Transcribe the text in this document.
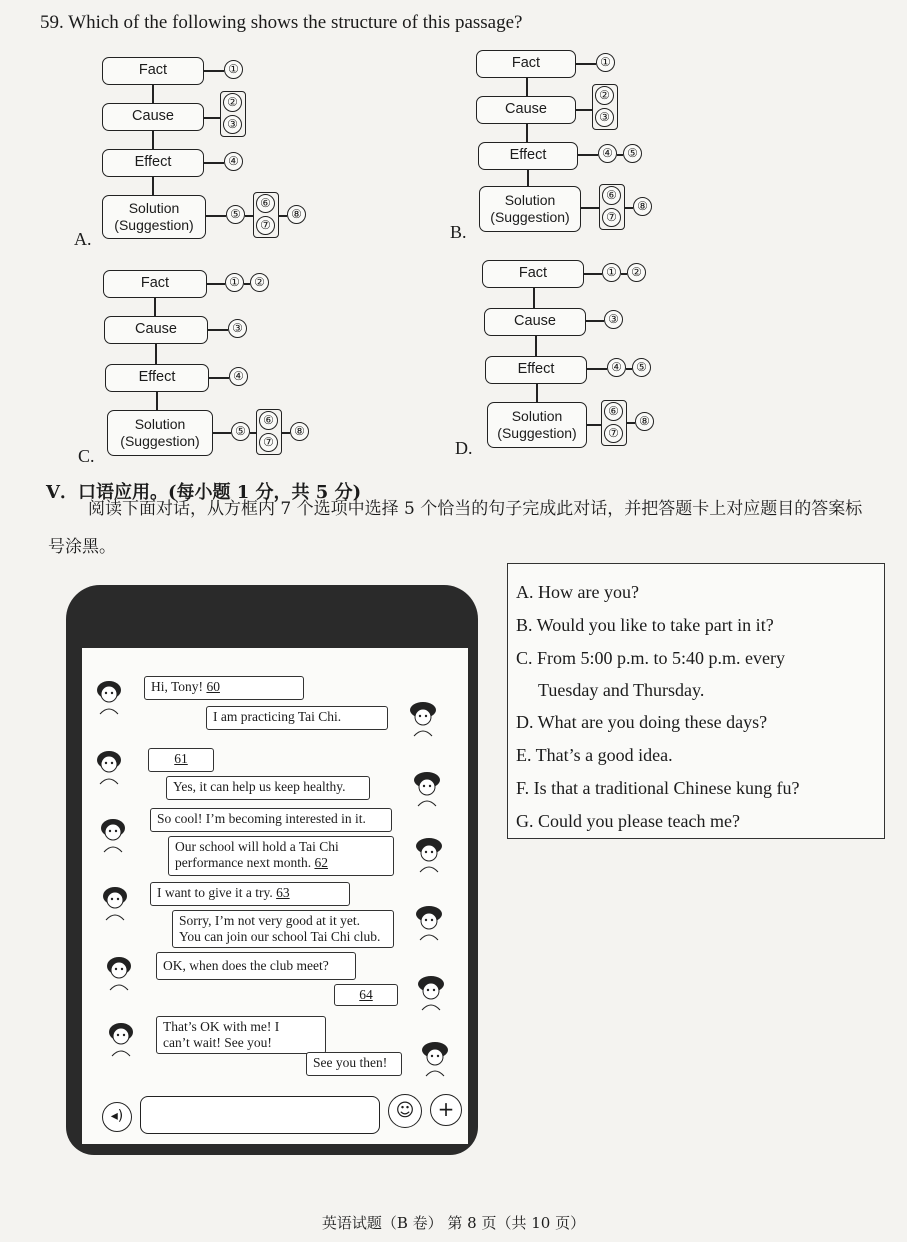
59. Which of the following shows the structure of this passage?
Fact	①
Cause
②
③
Effect	④
Solution
(Suggestion)
⑤
⑥
⑦
⑧
A.
Fact	①
Cause
②
③
Effect	④	⑤
Solution
(Suggestion)
⑥
⑦
⑧
B.
Fact	①	②
Cause	③
Effect	④
Solution
(Suggestion)
⑤
⑥
⑦
⑧
C.
Fact	①	②
Cause	③
Effect	④	⑤
Solution
(Suggestion)
⑥
⑦
⑧
D.
V．口语应用。(每小题 1 分，共 5 分)
阅读下面对话，从方框内 7 个选项中选择 5 个恰当的句子完成此对话，并把答题卡上对应题目的答案标号涂黑。
A. How are you?
B. Would you like to take part in it?
C. From 5:00 p.m. to 5:40 p.m. every
Tuesday and Thursday.
D. What are you doing these days?
E. That’s a good idea.
F. Is that a traditional Chinese kung fu?
G. Could you please teach me?
Hi, Tony! 60
I am practicing Tai Chi.
61
Yes, it can help us keep healthy.
So cool! I’m becoming interested in it.
Our school will hold a Tai Chi
performance next month. 62
I want to give it a try. 63
Sorry, I’m not very good at it yet.
You can join our school Tai Chi club.
OK, when does the club meet?
64
That’s OK with me! I
can’t wait! See you!
See you then!
◂)	☺	+
英语试题（B 卷） 第 8 页（共 10 页）
